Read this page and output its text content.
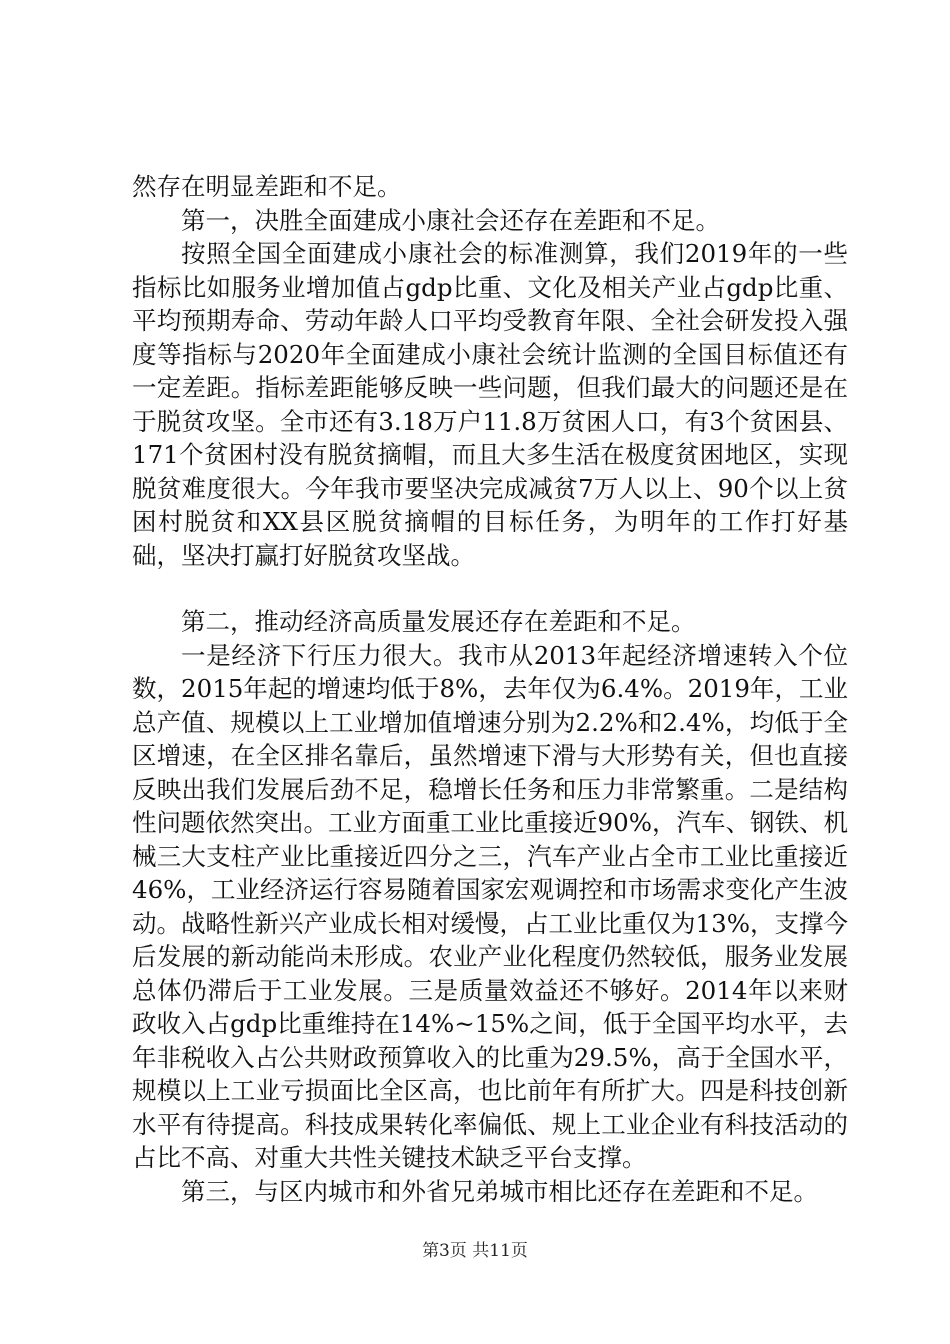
然存在明显差距和不足。

第一，决胜全面建成小康社会还存在差距和不足。

按照全国全面建成小康社会的标准测算，我们2019年的一些指标比如服务业增加值占gdp比重、文化及相关产业占gdp比重、平均预期寿命、劳动年龄人口平均受教育年限、全社会研发投入强度等指标与2020年全面建成小康社会统计监测的全国目标值还有一定差距。指标差距能够反映一些问题，但我们最大的问题还是在于脱贫攻坚。全市还有3.18万户11.8万贫困人口，有3个贫困县、171个贫困村没有脱贫摘帽，而且大多生活在极度贫困地区，实现脱贫难度很大。今年我市要坚决完成减贫7万人以上、90个以上贫困村脱贫和XX县区脱贫摘帽的目标任务，为明年的工作打好基础，坚决打赢打好脱贫攻坚战。

第二，推动经济高质量发展还存在差距和不足。

一是经济下行压力很大。我市从2013年起经济增速转入个位数，2015年起的增速均低于8%，去年仅为6.4%。2019年，工业总产值、规模以上工业增加值增速分别为2.2%和2.4%，均低于全区增速，在全区排名靠后，虽然增速下滑与大形势有关，但也直接反映出我们发展后劲不足，稳增长任务和压力非常繁重。二是结构性问题依然突出。工业方面重工业比重接近90%，汽车、钢铁、机械三大支柱产业比重接近四分之三，汽车产业占全市工业比重接近46%，工业经济运行容易随着国家宏观调控和市场需求变化产生波动。战略性新兴产业成长相对缓慢，占工业比重仅为13%，支撑今后发展的新动能尚未形成。农业产业化程度仍然较低，服务业发展总体仍滞后于工业发展。三是质量效益还不够好。2014年以来财政收入占gdp比重维持在14%~15%之间，低于全国平均水平，去年非税收入占公共财政预算收入的比重为29.5%，高于全国水平，规模以上工业亏损面比全区高，也比前年有所扩大。四是科技创新水平有待提高。科技成果转化率偏低、规上工业企业有科技活动的占比不高、对重大共性关键技术缺乏平台支撑。

第三，与区内城市和外省兄弟城市相比还存在差距和不足。

第3页 共11页
